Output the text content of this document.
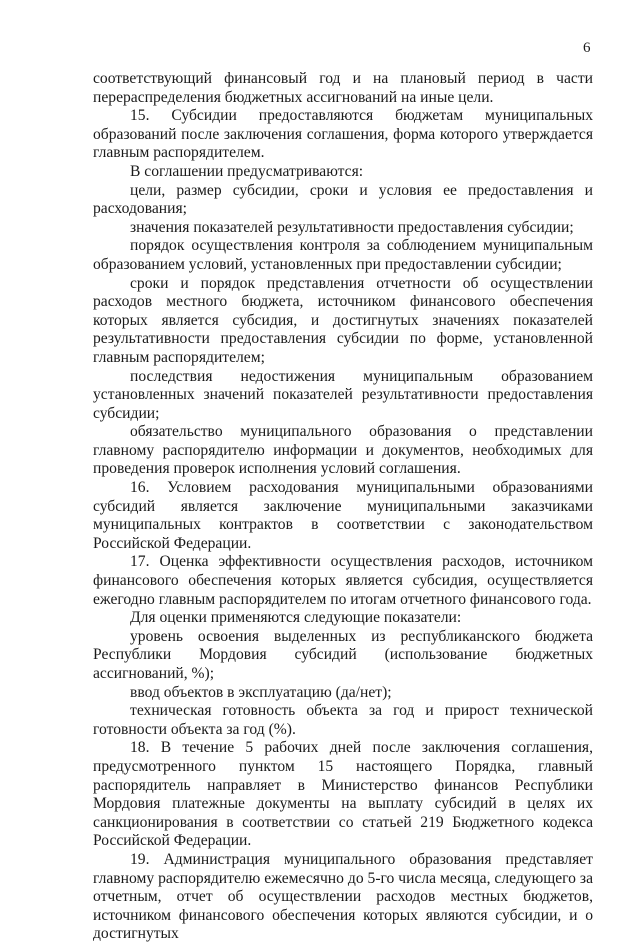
6

соответствующий финансовый год и на плановый период в части перераспределения бюджетных ассигнований на иные цели.

15. Субсидии предоставляются бюджетам муниципальных образований после заключения соглашения, форма которого утверждается главным распорядителем.

В соглашении предусматриваются:

цели, размер субсидии, сроки и условия ее предоставления и расходования;

значения показателей результативности предоставления субсидии;

порядок осуществления контроля за соблюдением муниципальным образованием условий, установленных при предоставлении субсидии;

сроки и порядок представления отчетности об осуществлении расходов местного бюджета, источником финансового обеспечения которых является субсидия, и достигнутых значениях показателей результативности предоставления субсидии по форме, установленной главным распорядителем;

последствия недостижения муниципальным образованием установленных значений показателей результативности предоставления субсидии;

обязательство муниципального образования о представлении главному распорядителю информации и документов, необходимых для проведения проверок исполнения условий соглашения.

16. Условием расходования муниципальными образованиями субсидий является заключение муниципальными заказчиками муниципальных контрактов в соответствии с законодательством Российской Федерации.

17. Оценка эффективности осуществления расходов, источником финансового обеспечения которых является субсидия, осуществляется ежегодно главным распорядителем по итогам отчетного финансового года.

Для оценки применяются следующие показатели:

уровень освоения выделенных из республиканского бюджета Республики Мордовия субсидий (использование бюджетных ассигнований, %);

ввод объектов в эксплуатацию (да/нет);

техническая готовность объекта за год и прирост технической готовности объекта за год (%).

18. В течение 5 рабочих дней после заключения соглашения, предусмотренного пунктом 15 настоящего Порядка, главный распорядитель направляет в Министерство финансов Республики Мордовия платежные документы на выплату субсидий в целях их санкционирования в соответствии со статьей 219 Бюджетного кодекса Российской Федерации.

19. Администрация муниципального образования представляет главному распорядителю ежемесячно до 5-го числа месяца, следующего за отчетным, отчет об осуществлении расходов местных бюджетов, источником финансового обеспечения которых являются субсидии, и о достигнутых
